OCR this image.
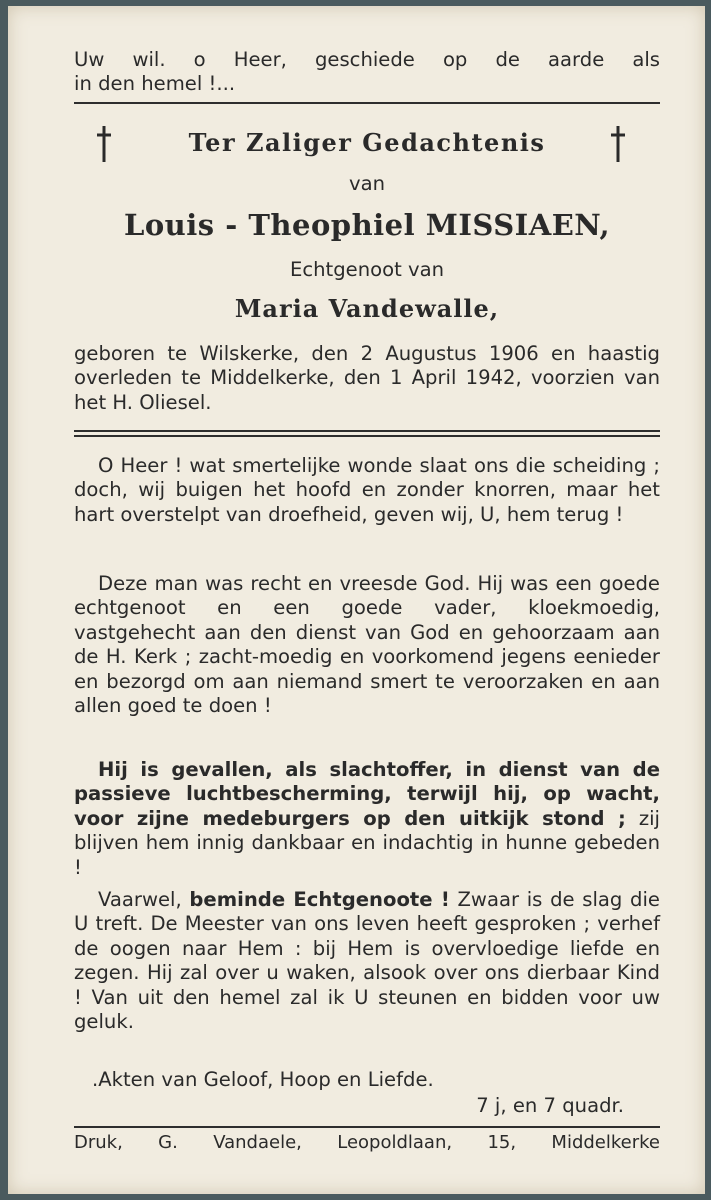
Uw wil. o Heer, geschiede op de aarde als
in den hemel !...
Ter Zaliger Gedachtenis
van
Louis - Theophiel MISSIAEN,
Echtgenoot van
Maria Vandewalle,
geboren te Wilskerke, den 2 Augustus 1906 en haastig overleden te Middelkerke, den 1 April 1942, voorzien van het H. Oliesel.

O Heer ! wat smertelijke wonde slaat ons die scheiding ; doch, wij buigen het hoofd en zonder knorren, maar het hart overstelpt van droefheid, geven wij, U, hem terug !

Deze man was recht en vreesde God. Hij was een goede echtgenoot en een goede vader, kloekmoedig, vastgehecht aan den dienst van God en gehoorzaam aan de H. Kerk ; zacht-moedig en voorkomend jegens eenieder en bezorgd om aan niemand smert te veroorzaken en aan allen goed te doen !

Hij is gevallen, als slachtoffer, in dienst van de passieve luchtbescherming, terwijl hij, op wacht, voor zijne medeburgers op den uitkijk stond ; zij blijven hem innig dankbaar en indachtig in hunne gebeden !

Vaarwel, beminde Echtgenoote ! Zwaar is de slag die U treft. De Meester van ons leven heeft gesproken ; verhef de oogen naar Hem : bij Hem is overvloedige liefde en zegen. Hij zal over u waken, alsook over ons dierbaar Kind ! Van uit den hemel zal ik U steunen en bidden voor uw geluk.

.Akten van Geloof, Hoop en Liefde.
7 j, en 7 quadr.
Druk, G. Vandaele, Leopoldlaan, 15, Middelkerke
